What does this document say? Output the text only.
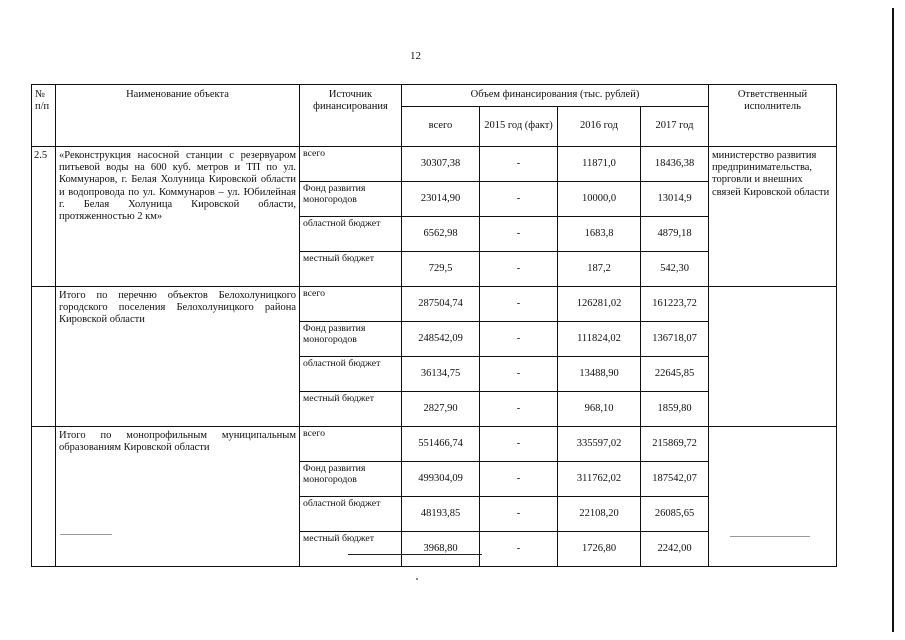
12
№ п/п	Наименование объекта	Источник финансирования	Объем финансирования (тыс. рублей)				Ответственный исполнитель
			всего	2015 год (факт)	2016 год	2017 год	
2.5	«Реконструкция насосной станции с резервуаром питьевой воды на 600 куб. метров и ТП по ул. Коммунаров, г. Белая Холуница Кировской области и водопровода по ул. Коммунаров – ул. Юбилейная г. Белая Холуница Кировской области, протяженностью 2 км»	всего	30307,38	-	11871,0	18436,38	министерство развития предпринимательства, торговли и внешних связей Кировской области
		Фонд развития моногородов	23014,90	-	10000,0	13014,9	
		областной бюджет	6562,98	-	1683,8	4879,18	
		местный бюджет	729,5	-	187,2	542,30	
	Итого по перечню объектов Белохолуницкого городского поселения Белохолуницкого района Кировской области	всего	287504,74	-	126281,02	161223,72	
		Фонд развития моногородов	248542,09	-	111824,02	136718,07	
		областной бюджет	36134,75	-	13488,90	22645,85	
		местный бюджет	2827,90	-	968,10	1859,80	
	Итого по монопрофильным муниципальным образованиям Кировской области	всего	551466,74	-	335597,02	215869,72	
		Фонд развития моногородов	499304,09	-	311762,02	187542,07	
		областной бюджет	48193,85	-	22108,20	26085,65	
		местный бюджет	3968,80	-	1726,80	2242,00	
